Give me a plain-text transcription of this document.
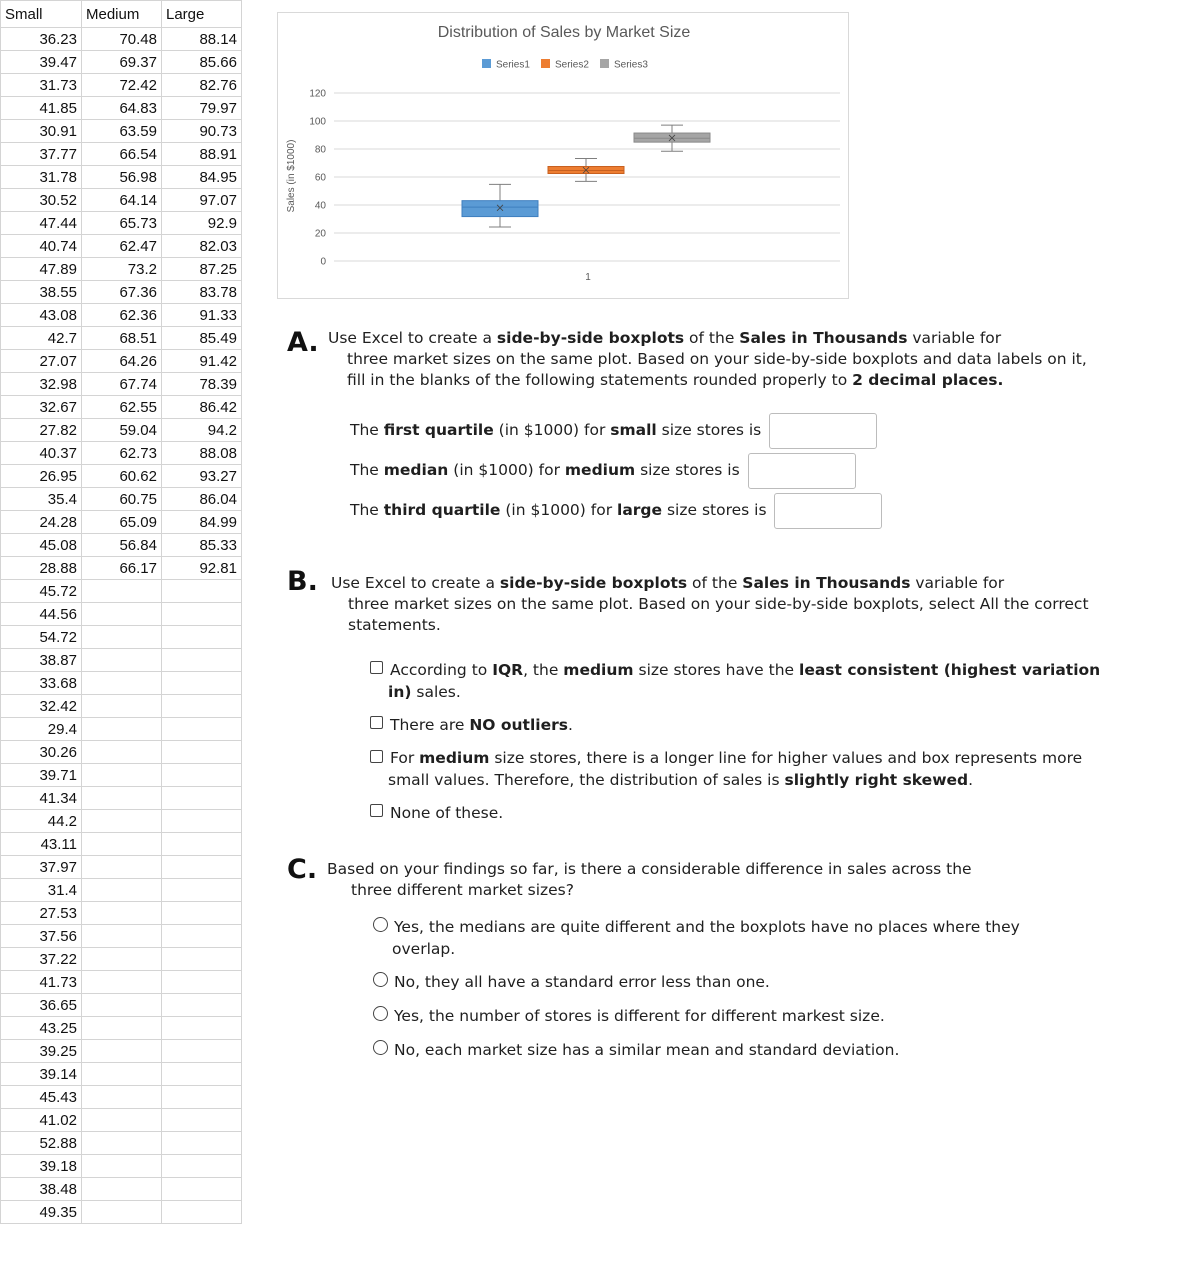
Small	Medium	Large
36.23	70.48	88.14
39.47	69.37	85.66
31.73	72.42	82.76
41.85	64.83	79.97
30.91	63.59	90.73
37.77	66.54	88.91
31.78	56.98	84.95
30.52	64.14	97.07
47.44	65.73	92.9
40.74	62.47	82.03
47.89	73.2	87.25
38.55	67.36	83.78
43.08	62.36	91.33
42.7	68.51	85.49
27.07	64.26	91.42
32.98	67.74	78.39
32.67	62.55	86.42
27.82	59.04	94.2
40.37	62.73	88.08
26.95	60.62	93.27
35.4	60.75	86.04
24.28	65.09	84.99
45.08	56.84	85.33
28.88	66.17	92.81
45.72		
44.56		
54.72		
38.87		
33.68		
32.42		
29.4		
30.26		
39.71		
41.34		
44.2		
43.11		
37.97		
31.4		
27.53		
37.56		
37.22		
41.73		
36.65		
43.25		
39.25		
39.14		
45.43		
41.02		
52.88		
39.18		
38.48		
49.35		
Distribution of Sales by Market Size
Series1	Series2	Series3
0
20
40
60
80
100
120
Sales (in $1000)
1
A. Use Excel to create a side-by-side boxplots of the Sales in Thousands variable for
three market sizes on the same plot. Based on your side-by-side boxplots and data labels on it,
fill in the blanks of the following statements rounded properly to 2 decimal places.
The first quartile (in $1000) for small size stores is
The median (in $1000) for medium size stores is
The third quartile (in $1000) for large size stores is
B. Use Excel to create a side-by-side boxplots of the Sales in Thousands variable for
three market sizes on the same plot. Based on your side-by-side boxplots, select All the correct
statements.
According to IQR, the medium size stores have the least consistent (highest variation
in) sales.
There are NO outliers.
For medium size stores, there is a longer line for higher values and box represents more
small values. Therefore, the distribution of sales is slightly right skewed.
None of these.
C. Based on your findings so far, is there a considerable difference in sales across the
three different market sizes?
Yes, the medians are quite different and the boxplots have no places where they
overlap.
No, they all have a standard error less than one.
Yes, the number of stores is different for different markest size.
No, each market size has a similar mean and standard deviation.
